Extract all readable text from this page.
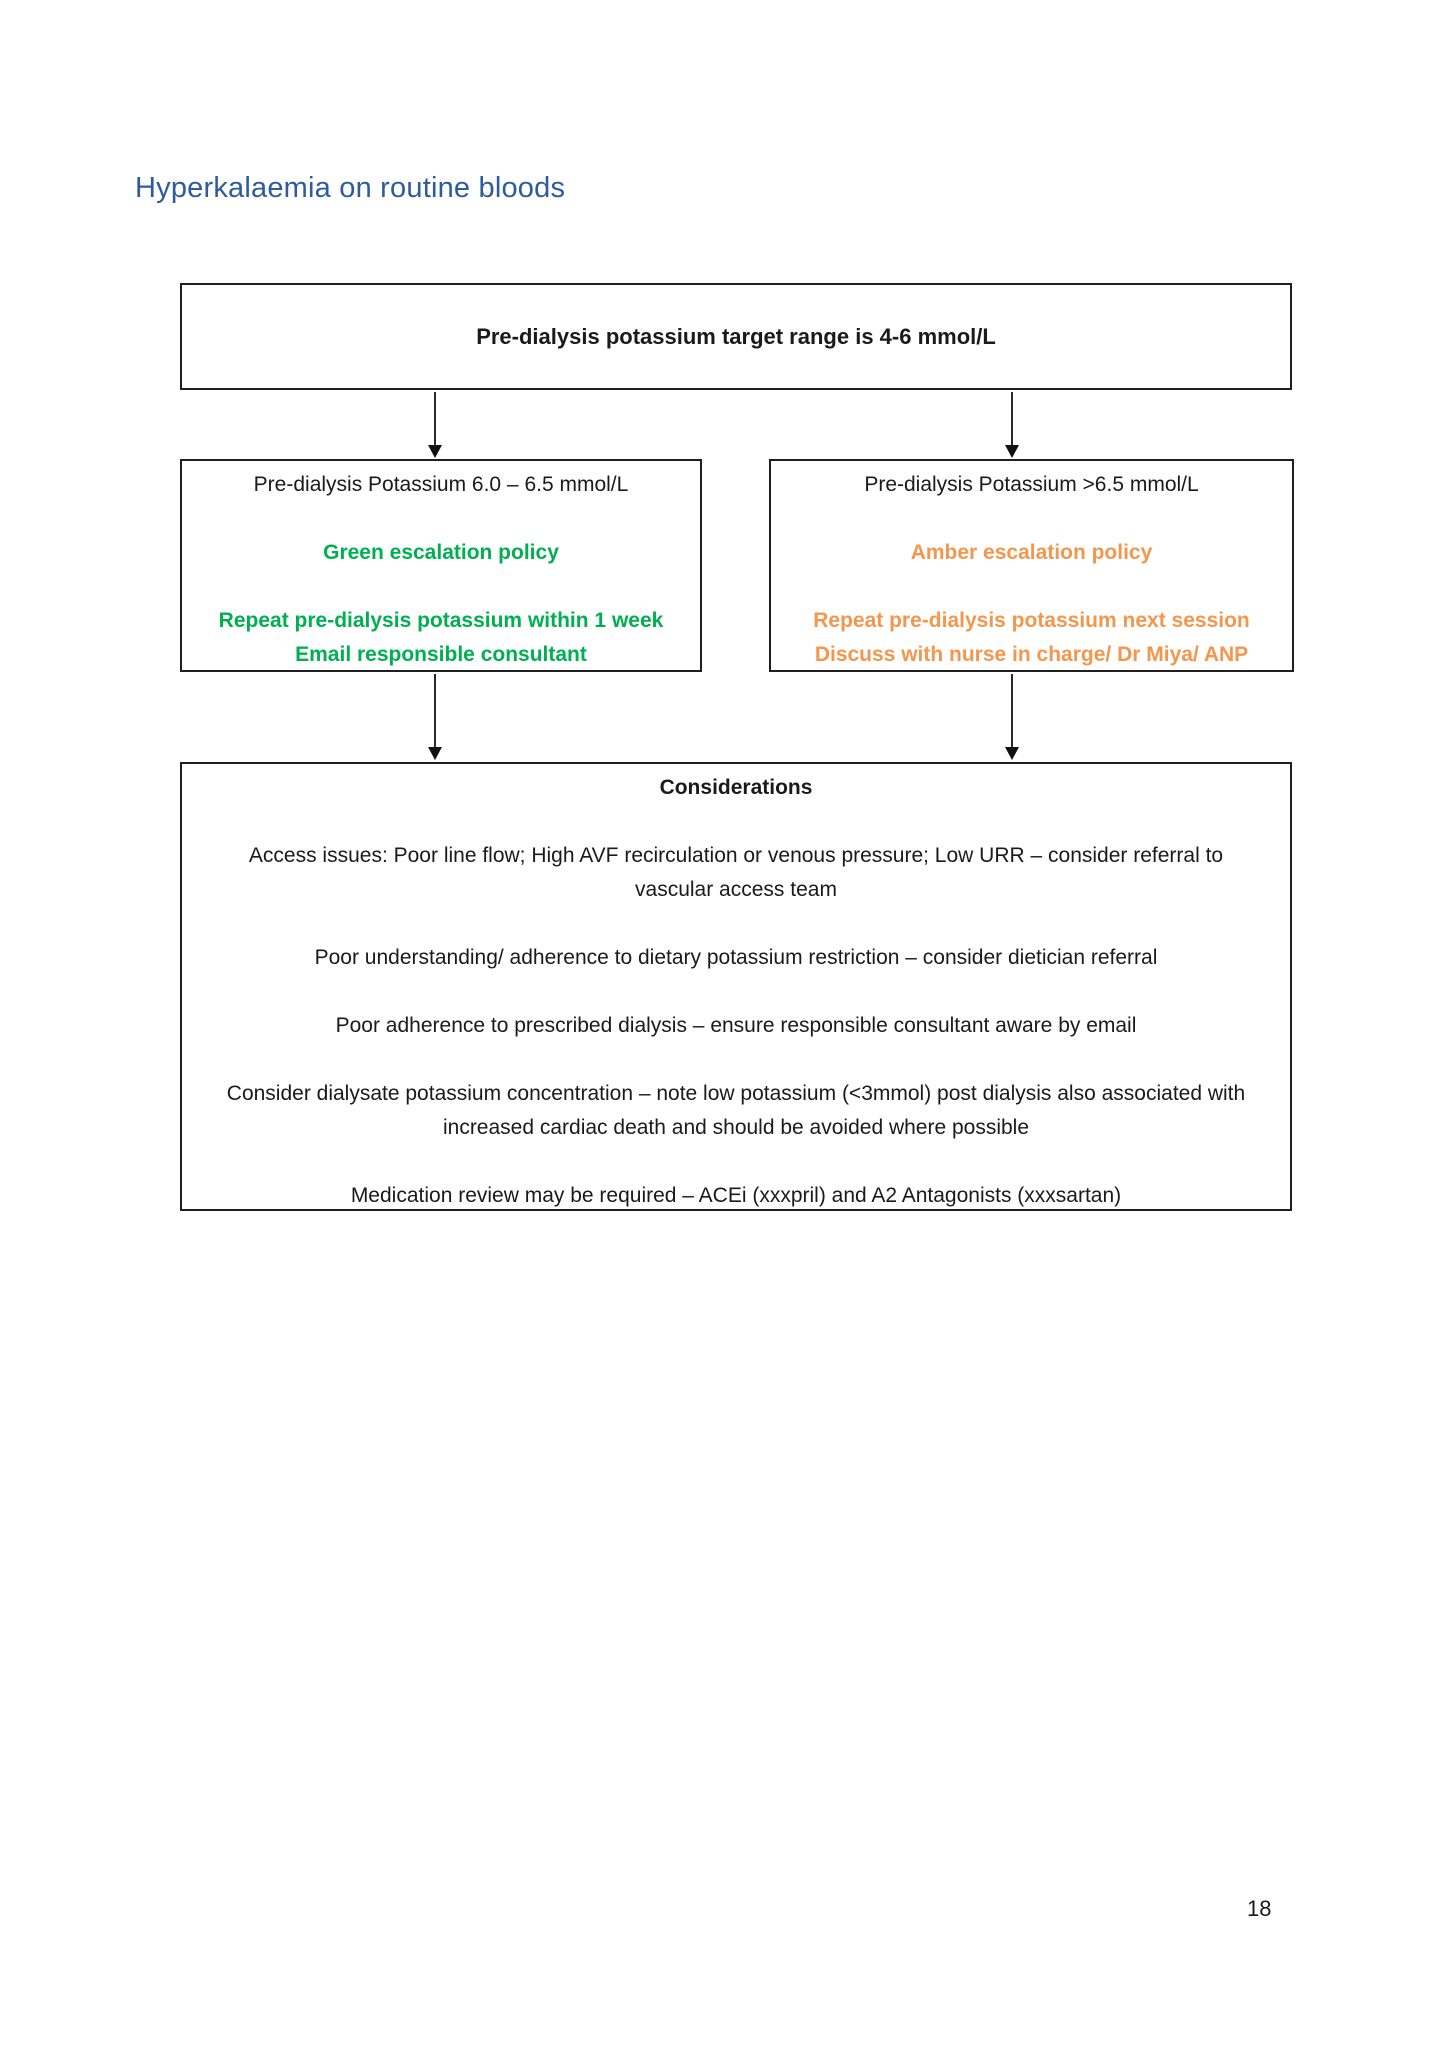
Hyperkalaemia on routine bloods
Pre-dialysis potassium target range is 4-6 mmol/L
Pre-dialysis Potassium 6.0 – 6.5 mmol/L
Green escalation policy
Repeat pre-dialysis potassium within 1 week
Email responsible consultant
Pre-dialysis Potassium >6.5 mmol/L
Amber escalation policy
Repeat pre-dialysis potassium next session
Discuss with nurse in charge/ Dr Miya/ ANP
Considerations

Access issues: Poor line flow; High AVF recirculation or venous pressure; Low URR – consider referral to vascular access team

Poor understanding/ adherence to dietary potassium restriction – consider dietician referral

Poor adherence to prescribed dialysis – ensure responsible consultant aware by email

Consider dialysate potassium concentration – note low potassium (<3mmol) post dialysis also associated with increased cardiac death and should be avoided where possible

Medication review may be required – ACEi (xxxpril) and A2 Antagonists (xxxsartan)

18
